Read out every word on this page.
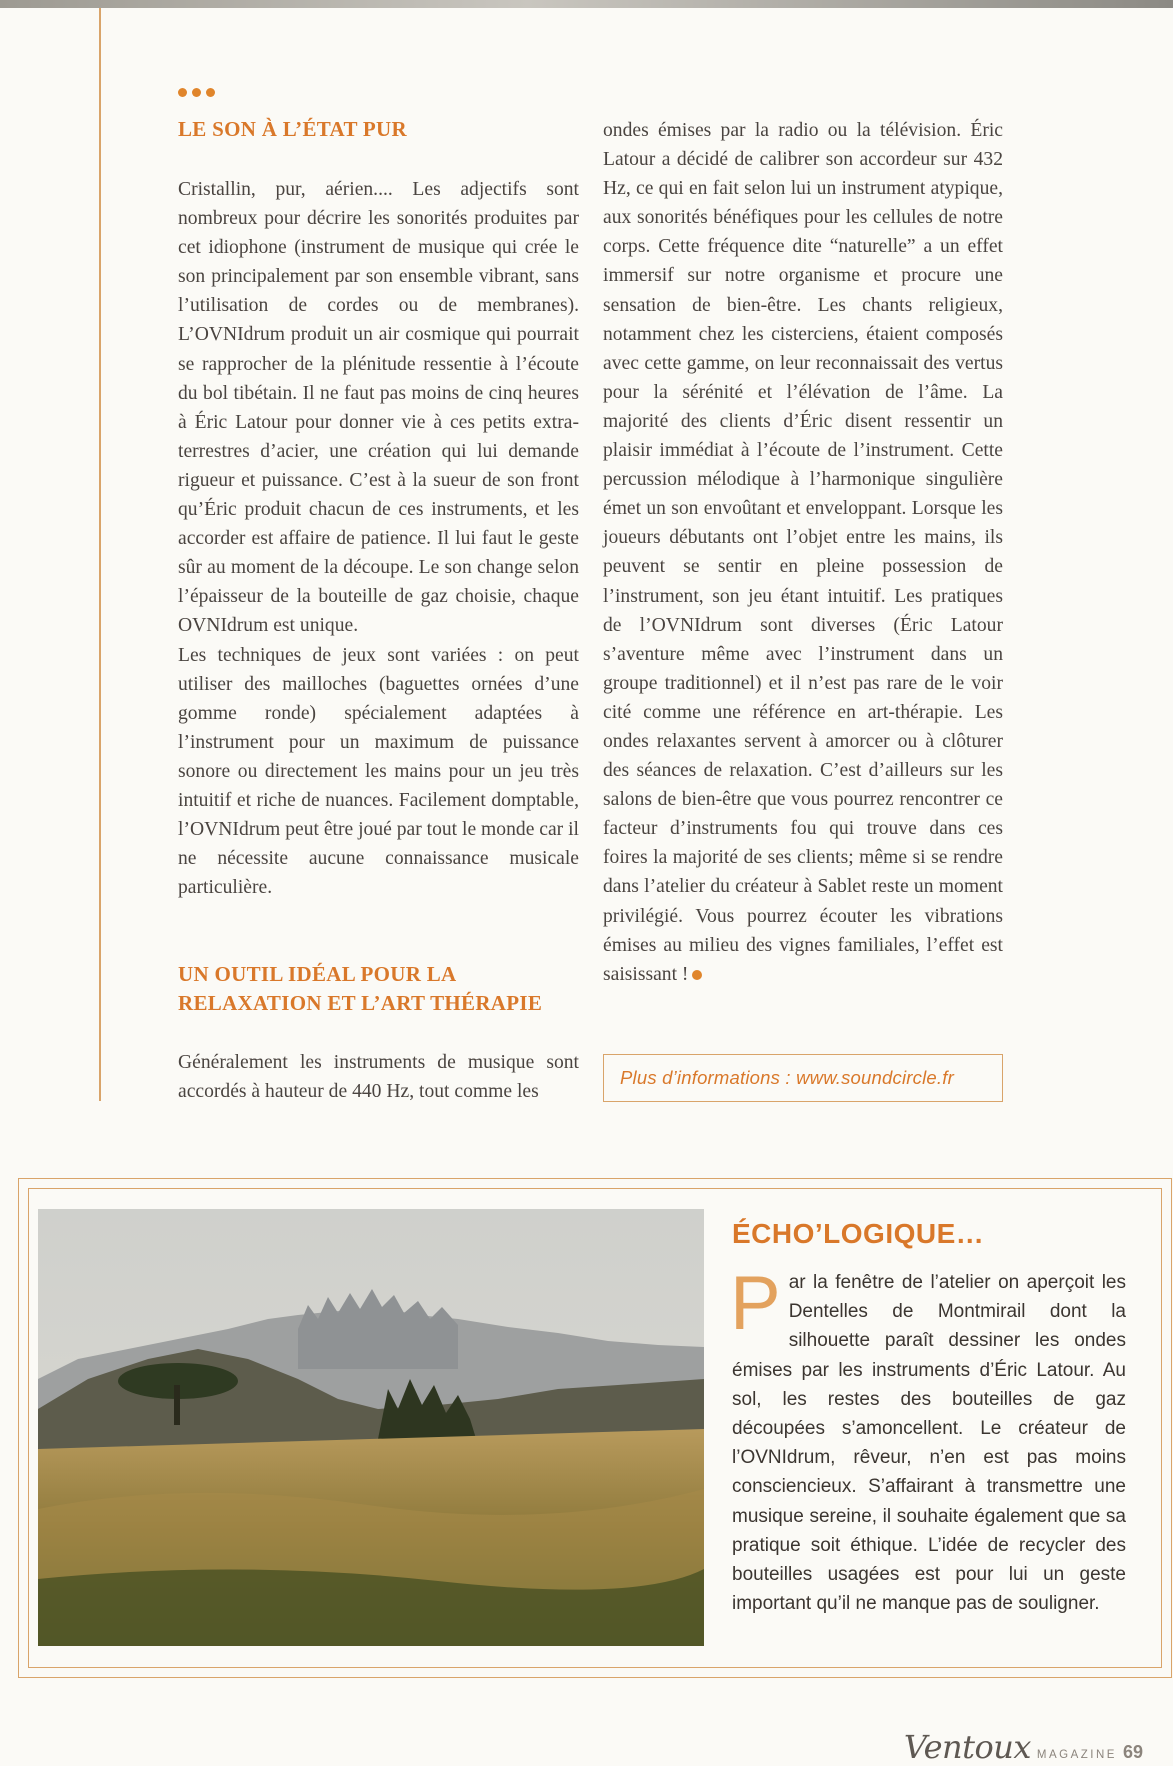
LE SON À L’ÉTAT PUR

Cristallin, pur, aérien.... Les adjectifs sont nombreux pour décrire les sonorités produites par cet idiophone (instrument de musique qui crée le son principalement par son ensemble vibrant, sans l’utilisation de cordes ou de membranes). L’OVNIdrum produit un air cosmique qui pourrait se rapprocher de la plénitude ressentie à l’écoute du bol tibétain. Il ne faut pas moins de cinq heures à Éric Latour pour donner vie à ces petits extra-terrestres d’acier, une création qui lui demande rigueur et puissance. C’est à la sueur de son front qu’Éric produit chacun de ces instruments, et les accorder est affaire de patience. Il lui faut le geste sûr au moment de la découpe. Le son change selon l’épaisseur de la bouteille de gaz choisie, chaque OVNIdrum est unique.

Les techniques de jeux sont variées : on peut utiliser des mailloches (baguettes ornées d’une gomme ronde) spécialement adaptées à l’instrument pour un maximum de puissance sonore ou directement les mains pour un jeu très intuitif et riche de nuances. Facilement domptable, l’OVNIdrum peut être joué par tout le monde car il ne nécessite aucune connaissance musicale particulière.

UN OUTIL IDÉAL POUR LA RELAXATION ET L’ART THÉRAPIE

Généralement les instruments de musique sont accordés à hauteur de 440 Hz, tout comme les

ondes émises par la radio ou la télévision. Éric Latour a décidé de calibrer son accordeur sur 432 Hz, ce qui en fait selon lui un instrument atypique, aux sonorités bénéfiques pour les cellules de notre corps. Cette fréquence dite “naturelle” a un effet immersif sur notre organisme et procure une sensation de bien-être. Les chants religieux, notamment chez les cisterciens, étaient composés avec cette gamme, on leur reconnaissait des vertus pour la sérénité et l’élévation de l’âme. La majorité des clients d’Éric disent ressentir un plaisir immédiat à l’écoute de l’instrument. Cette percussion mélodique à l’harmonique singulière émet un son envoûtant et enveloppant. Lorsque les joueurs débutants ont l’objet entre les mains, ils peuvent se sentir en pleine possession de l’instrument, son jeu étant intuitif. Les pratiques de l’OVNIdrum sont diverses (Éric Latour s’aventure même avec l’instrument dans un groupe traditionnel) et il n’est pas rare de le voir cité comme une référence en art-thérapie. Les ondes relaxantes servent à amorcer ou à clôturer des séances de relaxation. C’est d’ailleurs sur les salons de bien-être que vous pourrez rencontrer ce facteur d’instruments fou qui trouve dans ces foires la majorité de ses clients; même si se rendre dans l’atelier du créateur à Sablet reste un moment privilégié. Vous pourrez écouter les vibrations émises au milieu des vignes familiales, l’effet est saisissant !

Plus d’informations : www.soundcircle.fr
ÉCHO’LOGIQUE…
Par la fenêtre de l’atelier on aperçoit les Dentelles de Montmirail dont la silhouette paraît dessiner les ondes émises par les instruments d’Éric Latour. Au sol, les restes des bouteilles de gaz découpées s’amoncellent. Le créateur de l’OVNIdrum, rêveur, n’en est pas moins consciencieux. S’affairant à transmettre une musique sereine, il souhaite également que sa pratique soit éthique. L’idée de recycler des bouteilles usagées est pour lui un geste important qu’il ne manque pas de souligner.
Ventoux MAGAZINE 69
